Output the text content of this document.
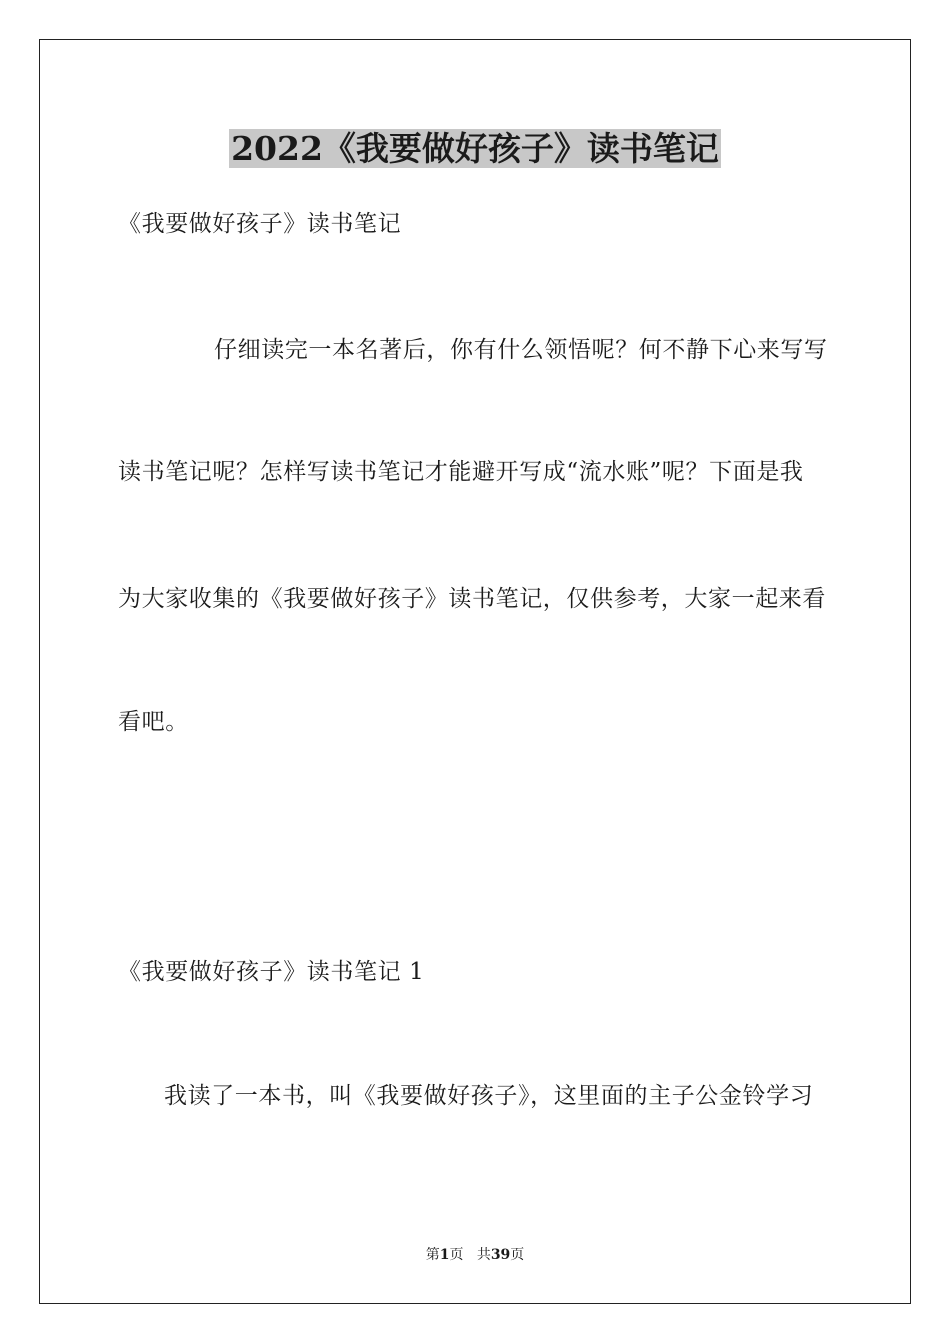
2022《我要做好孩子》读书笔记
《我要做好孩子》读书笔记
仔细读完一本名著后，你有什么领悟呢？何不静下心来写写
读书笔记呢？怎样写读书笔记才能避开写成“流水账”呢？下面是我
为大家收集的《我要做好孩子》读书笔记，仅供参考，大家一起来看
看吧。
《我要做好孩子》读书笔记 1
我读了一本书，叫《我要做好孩子》，这里面的主子公金铃学习
第1页 共39页
